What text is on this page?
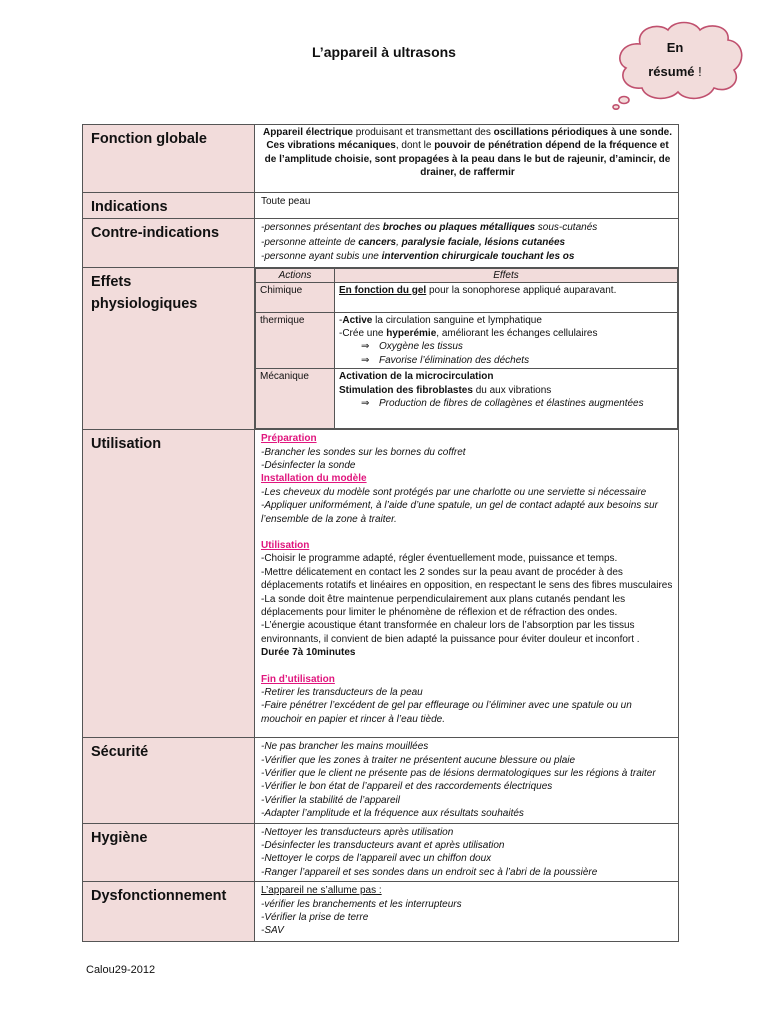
L’appareil à ultrasons	En
résumé !
Fonction globale	Appareil électrique produisant et transmettant des oscillations périodiques à une sonde. Ces vibrations mécaniques, dont le pouvoir de pénétration dépend de la fréquence et de l’amplitude choisie, sont propagées à la peau dans le but de rajeunir, d’amincir, de drainer, de raffermir
Indications	Toute peau
Contre-indications	-personnes présentant des broches ou plaques métalliques sous-cutanés
-personne atteinte de cancers, paralysie faciale, lésions cutanées
-personne ayant subis une intervention chirurgicale touchant les os

Effets
physiologiques

Actions	Effets
Chimique	En fonction du gel pour la sonophorese appliqué auparavant.
thermique	-Active la circulation sanguine et lymphatique
-Crée une hyperémie, améliorant les échanges cellulaires
⇒ Oxygène les tissus
⇒ Favorise l’élimination des déchets

Mécanique	Activation de la microcirculation
Stimulation des fibroblastes du aux vibrations
⇒ Production de fibres de collagènes et élastines augmentées

Utilisation	Préparation
-Brancher les sondes sur les bornes du coffret
-Désinfecter la sonde
Installation du modèle
-Les cheveux du modèle sont protégés par une charlotte ou une serviette si nécessaire
-Appliquer uniformément, à l’aide d’une spatule, un gel de contact adapté aux besoins sur l’ensemble de la zone à traiter.
Utilisation
-Choisir le programme adapté, régler éventuellement mode, puissance et temps.
-Mettre délicatement en contact les 2 sondes sur la peau avant de procéder à des déplacements rotatifs et linéaires en opposition, en respectant le sens des fibres musculaires
-La sonde doit être maintenue perpendiculairement aux plans cutanés pendant les déplacements pour limiter le phénomène de réflexion et de réfraction des ondes.
-L’énergie acoustique étant transformée en chaleur lors de l’absorption par les tissus environnants, il convient de bien adapté la puissance pour éviter douleur et inconfort .
Durée 7à 10minutes
Fin d’utilisation
-Retirer les transducteurs de la peau
-Faire pénétrer l’excédent de gel par effleurage ou l’éliminer avec une spatule ou un mouchoir en papier et rincer à l’eau tiède.

Sécurité	-Ne pas brancher les mains mouillées
-Vérifier que les zones à traiter ne présentent aucune blessure ou plaie
-Vérifier que le client ne présente pas de lésions dermatologiques sur les régions à traiter
-Vérifier le bon état de l’appareil et des raccordements électriques
-Vérifier la stabilité de l’appareil
-Adapter l’amplitude et la fréquence aux résultats souhaités

Hygiène	-Nettoyer les transducteurs après utilisation
-Désinfecter les transducteurs avant et après utilisation
-Nettoyer le corps de l’appareil avec un chiffon doux
-Ranger l’appareil et ses sondes dans un endroit sec à l’abri de la poussière

Dysfonctionnement	L’appareil ne s’allume pas :
-vérifier les branchements et les interrupteurs
-Vérifier la prise de terre
-SAV
Calou29-2012
